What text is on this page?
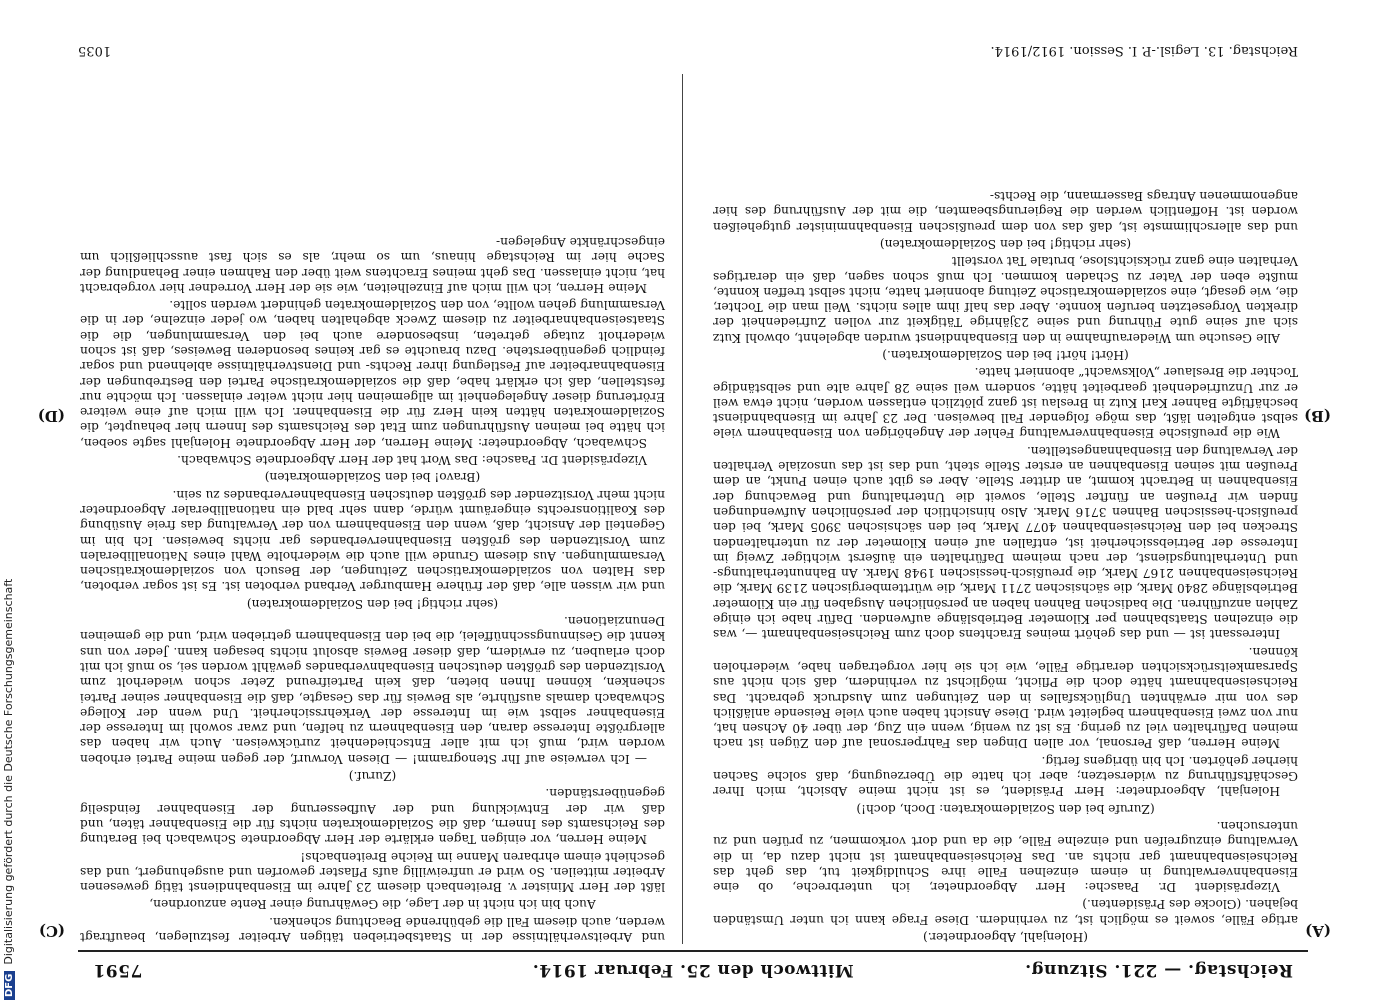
DFGDigitalisierung gefördert durch die Deutsche Forschungsgemeinschaft
Reichstag. — 221. Sitzung.
Mittwoch den 25. Februar 1914.
7591
(A)
(B)
(C)
(D)

(Holenjahl, Abgeordneter.)

artige Fälle, soweit es möglich ist, zu verhindern. Diese Frage kann ich unter Umständen bejahen. (Glocke des Präsidenten.)

Vizepräsident Dr. Paasche: Herr Abgeordneter, ich unterbreche, ob eine Eisenbahnverwaltung in einem einzelnen Falle ihre Schuldigkeit tut, das geht das Reichseisenbahnamt gar nichts an. Das Reichseisenbahnamt ist nicht dazu da, in die Verwaltung einzugreifen und einzelne Fälle, die da und dort vorkommen, zu prüfen und zu untersuchen.

(Zurufe bei den Sozialdemokraten: Doch, doch!)

Holenjahl, Abgeordneter: Herr Präsident, es ist nicht meine Absicht, mich Ihrer Geschäftsführung zu widersetzen; aber ich hatte die Überzeugung, daß solche Sachen hierher gehörten. Ich bin übrigens fertig.

Meine Herren, daß Personal, vor allen Dingen das Fahrpersonal auf den Zügen ist nach meinen Dafürhalten viel zu gering. Es ist zu wenig, wenn ein Zug, der über 40 Achsen hat, nur von zwei Eisenbahnern begleitet wird. Diese Ansicht haben auch viele Reisende anläßlich des von mir erwähnten Unglücksfalles in den Zeitungen zum Ausdruck gebracht. Das Reichseisenbahnamt hätte doch die Pflicht, möglichst zu verhindern, daß sich nicht aus Sparsamkeitsrücksichten derartige Fälle, wie ich sie hier vorgetragen habe, wiederholen können.

Interessant ist — und das gehört meines Erachtens doch zum Reichseisenbahnamt —, was die einzelnen Staatsbahnen per Kilometer Betriebslänge aufwenden. Dafür habe ich einige Zahlen anzuführen. Die badischen Bahnen haben an persönlichen Ausgaben für ein Kilometer Betriebslänge 2840 Mark, die sächsischen 2711 Mark, die württembergischen 2139 Mark, die Reichseisenbahnen 2167 Mark, die preußisch-hessischen 1948 Mark. An Bahnunterhaltungs- und Unterhaltungsdienst, der nach meinem Dafürhalten ein äußerst wichtiger Zweig im Interesse der Betriebssicherheit ist, entfallen auf einen Kilometer der zu unterhaltenden Strecken bei den Reichseisenbahnen 4077 Mark, bei den sächsischen 3905 Mark, bei den preußisch-hessischen Bahnen 3716 Mark. Also hinsichtlich der persönlichen Aufwendungen finden wir Preußen an fünfter Stelle, soweit die Unterhaltung und Bewachung der Eisenbahnen in Betracht kommt, an dritter Stelle. Aber es gibt auch einen Punkt, an dem Preußen mit seinen Eisenbahnen an erster Stelle steht, und das ist das unsoziale Verhalten der Verwaltung den Eisenbahnangestellten.

Wie die preußische Eisenbahnverwaltung Fehler der Angehörigen von Eisenbahnern viele selbst entgelten läßt, das möge folgender Fall beweisen. Der 23 Jahre im Eisenbahndienst beschäftigte Bahner Karl Kutz in Breslau ist ganz plötzlich entlassen worden, nicht etwa weil er zur Unzufriedenheit gearbeitet hätte, sondern weil seine 28 Jahre alte und selbständige Tochter die Breslauer „Volkswacht“ abonniert hatte.

(Hört! hört! bei den Sozialdemokraten.)

Alle Gesuche um Wiederaufnahme in den Eisenbahndienst wurden abgelehnt, obwohl Kutz sich auf seine gute Führung und seine 23jährige Tätigkeit zur vollen Zufriedenheit der direkten Vorgesetzten berufen konnte. Aber das half ihm alles nichts. Weil man die Tochter, die, wie gesagt, eine sozialdemokratische Zeitung abonniert hatte, nicht selbst treffen konnte, mußte eben der Vater zu Schaden kommen. Ich muß schon sagen, daß ein derartiges Verhalten eine ganz rücksichtslose, brutale Tat vorstellt

(sehr richtig! bei den Sozialdemokraten)

und das allerschlimmste ist, daß das von dem preußischen Eisenbahnminister gutgeheißen worden ist. Hoffentlich werden die Regierungsbeamten, die mit der Ausführung des hier angenommenen Antrags Bassermann, die Rechts-

und Arbeitsverhältnisse der in Staatsbetrieben tätigen Arbeiter festzulegen, beauftragt werden, auch diesem Fall die gebührende Beachtung schenken.

Auch bin ich nicht in der Lage, die Gewährung einer Rente anzuordnen,

läßt der Herr Minister v. Breitenbach diesem 23 Jahre im Eisenbahndienst tätig gewesenen Arbeiter mitteilen. So wird er unfreiwillig aufs Pflaster geworfen und ausgehungert, und das geschieht einem ehrbaren Manne im Reiche Breitenbachs!

Meine Herren, vor einigen Tagen erklärte der Herr Abgeordnete Schwabach bei Beratung des Reichsamts des Innern, daß die Sozialdemokraten nichts für die Eisenbahner täten, und daß wir der Entwicklung und der Aufbesserung der Eisenbahner feindselig gegenüberständen.

(Zuruf.)

— Ich verweise auf Ihr Stenogramm! — Diesen Vorwurf, der gegen meine Partei erhoben worden wird, muß ich mit aller Entschiedenheit zurückweisen. Auch wir haben das allergrößte Interesse daran, den Eisenbahnern zu helfen, und zwar sowohl im Interesse der Eisenbahner selbst wie im Interesse der Verkehrssicherheit. Und wenn der Kollege Schwabach damals ausführte, als Beweis für das Gesagte, daß die Eisenbahner seiner Partei schenken, können Ihnen bieten, daß kein Parteifreund Zeter schon wiederholt zum Vorsitzenden des größten deutschen Eisenbahnverbandes gewählt worden sei, so muß ich mit doch erlauben, zu erwidern, daß dieser Beweis absolut nichts besagen kann. Jeder von uns kennt die Gesinnungsschnüffelei, die bei den Eisenbahnern getrieben wird, und die gemeinen Denunziationen.

(sehr richtig! bei den Sozialdemokraten)

und wir wissen alle, daß der frühere Hamburger Verband verboten ist. Es ist sogar verboten, das Halten von sozialdemokratischen Zeitungen, der Besuch von sozialdemokratischen Versammlungen. Aus diesem Grunde will auch die wiederholte Wahl eines Nationalliberalen zum Vorsitzenden des größten Eisenbahnerverbandes gar nichts beweisen. Ich bin im Gegenteil der Ansicht, daß, wenn den Eisenbahnern von der Verwaltung das freie Ausübung des Koalitionsrechts eingeräumt würde, dann sehr bald ein nationalliberaler Abgeordneter nicht mehr Vorsitzender des größten deutschen Eisenbahnerverbandes zu sein.

(Bravo! bei den Sozialdemokraten)

Vizepräsident Dr. Paasche: Das Wort hat der Herr Abgeordnete Schwabach.

Schwabach, Abgeordneter: Meine Herren, der Herr Abgeordnete Holenjahl sagte soeben, ich hätte bei meinen Ausführungen zum Etat des Reichsamts des Innern hier behauptet, die Sozialdemokraten hätten kein Herz für die Eisenbahner. Ich will mich auf eine weitere Erörterung dieser Angelegenheit im allgemeinen hier nicht weiter einlassen. Ich möchte nur feststellen, daß ich erklärt habe, daß die sozialdemokratische Partei den Bestrebungen der Eisenbahnarbeiter auf Festlegung ihrer Rechts- und Dienstverhältnisse ablehnend und sogar feindlich gegenüberstehe. Dazu brauchte es gar keines besonderen Beweises, daß ist schon wiederholt zutage getreten, insbesondere auch bei den Versammlungen, die die Staatseisenbahnarbeiter zu diesem Zweck abgehalten haben, wo jeder einzelne, der in die Versammlung gehen wollte, von den Sozialdemokraten gehindert werden sollte.

Meine Herren, ich will mich auf Einzelheiten, wie sie der Herr Vorredner hier vorgebracht hat, nicht einlassen. Das geht meines Erachtens weit über den Rahmen einer Behandlung der Sache hier im Reichstage hinaus, um so mehr, als es sich fast ausschließlich um eingeschränkte Angelegen-

Reichstag. 13. Legisl.-P. I. Session. 1912/1914.
1035
